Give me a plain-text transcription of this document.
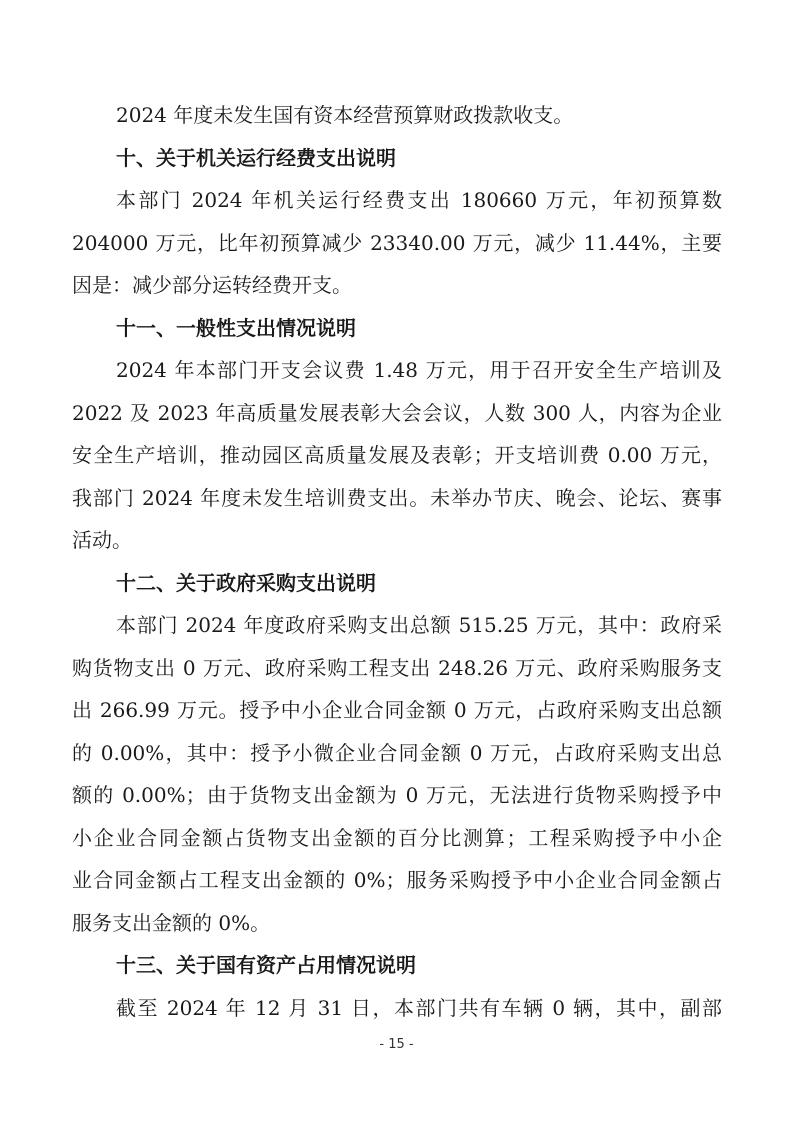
2024 年度未发生国有资本经营预算财政拨款收支。
十、关于机关运行经费支出说明
本部门 2024 年机关运行经费支出 180660 万元，年初预算数
204000 万元，比年初预算减少 23340.00 万元，减少 11.44%，主要
因是：减少部分运转经费开支。
十一、一般性支出情况说明
2024 年本部门开支会议费 1.48 万元，用于召开安全生产培训及
2022 及 2023 年高质量发展表彰大会会议，人数 300 人，内容为企业
安全生产培训，推动园区高质量发展及表彰；开支培训费 0.00 万元，
我部门 2024 年度未发生培训费支出。未举办节庆、晚会、论坛、赛事
活动。
十二、关于政府采购支出说明
本部门 2024 年度政府采购支出总额 515.25 万元，其中：政府采
购货物支出 0 万元、政府采购工程支出 248.26 万元、政府采购服务支
出 266.99 万元。授予中小企业合同金额 0 万元，占政府采购支出总额
的 0.00%，其中：授予小微企业合同金额 0 万元，占政府采购支出总
额的 0.00%；由于货物支出金额为 0 万元，无法进行货物采购授予中
小企业合同金额占货物支出金额的百分比测算；工程采购授予中小企
业合同金额占工程支出金额的 0%；服务采购授予中小企业合同金额占
服务支出金额的 0%。
- 15 -
十三、关于国有资产占用情况说明
截至 2024 年 12 月 31 日，本部门共有车辆 0 辆，其中，副部
